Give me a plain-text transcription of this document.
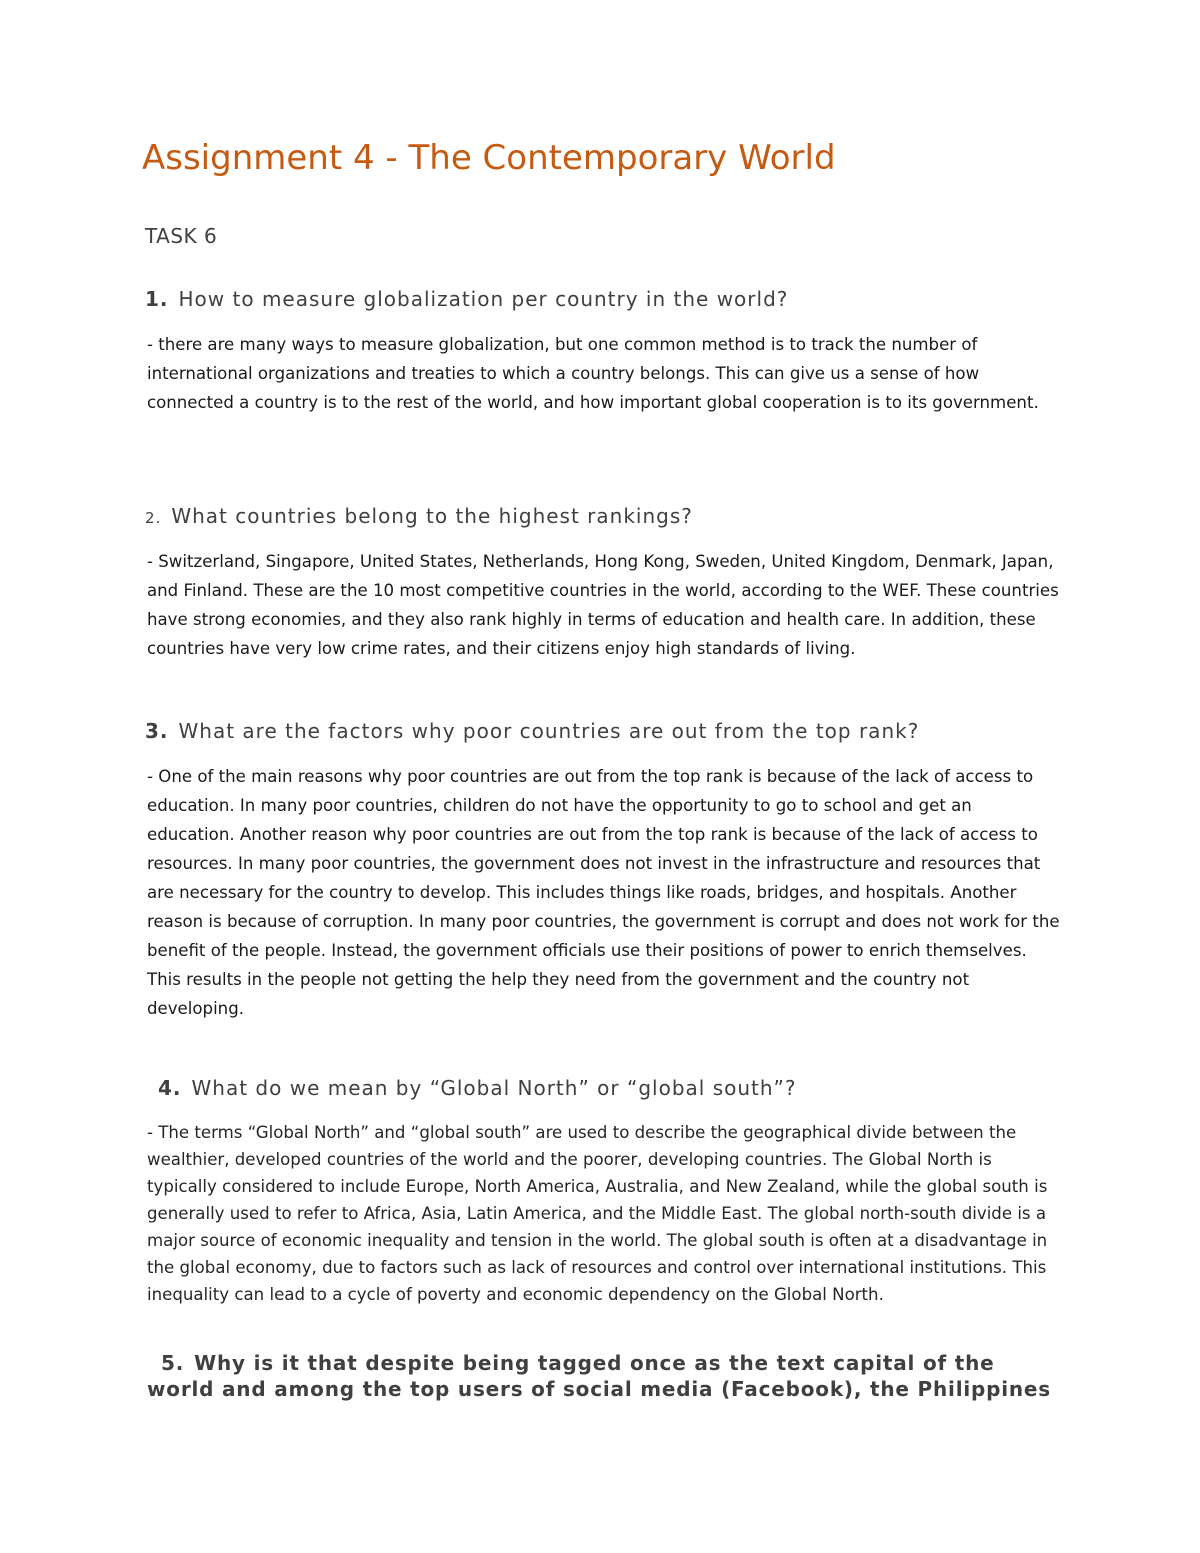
Assignment 4 - The Contemporary World

TASK 6

1. How to measure globalization per country in the world?

- there are many ways to measure globalization, but one common method is to track the number of international organizations and treaties to which a country belongs. This can give us a sense of how connected a country is to the rest of the world, and how important global cooperation is to its government.

2. What countries belong to the highest rankings?

- Switzerland, Singapore, United States, Netherlands, Hong Kong, Sweden, United Kingdom, Denmark, Japan, and Finland. These are the 10 most competitive countries in the world, according to the WEF. These countries have strong economies, and they also rank highly in terms of education and health care. In addition, these countries have very low crime rates, and their citizens enjoy high standards of living.

3. What are the factors why poor countries are out from the top rank?

- One of the main reasons why poor countries are out from the top rank is because of the lack of access to education. In many poor countries, children do not have the opportunity to go to school and get an education. Another reason why poor countries are out from the top rank is because of the lack of access to resources. In many poor countries, the government does not invest in the infrastructure and resources that are necessary for the country to develop. This includes things like roads, bridges, and hospitals. Another reason is because of corruption. In many poor countries, the government is corrupt and does not work for the benefit of the people. Instead, the government officials use their positions of power to enrich themselves. This results in the people not getting the help they need from the government and the country not developing.

4. What do we mean by “Global North” or “global south”?

- The terms “Global North” and “global south” are used to describe the geographical divide between the wealthier, developed countries of the world and the poorer, developing countries. The Global North is typically considered to include Europe, North America, Australia, and New Zealand, while the global south is generally used to refer to Africa, Asia, Latin America, and the Middle East. The global north-south divide is a major source of economic inequality and tension in the world. The global south is often at a disadvantage in the global economy, due to factors such as lack of resources and control over international institutions. This inequality can lead to a cycle of poverty and economic dependency on the Global North.

5. Why is it that despite being tagged once as the text capital of the world and among the top users of social media (Facebook), the Philippines
